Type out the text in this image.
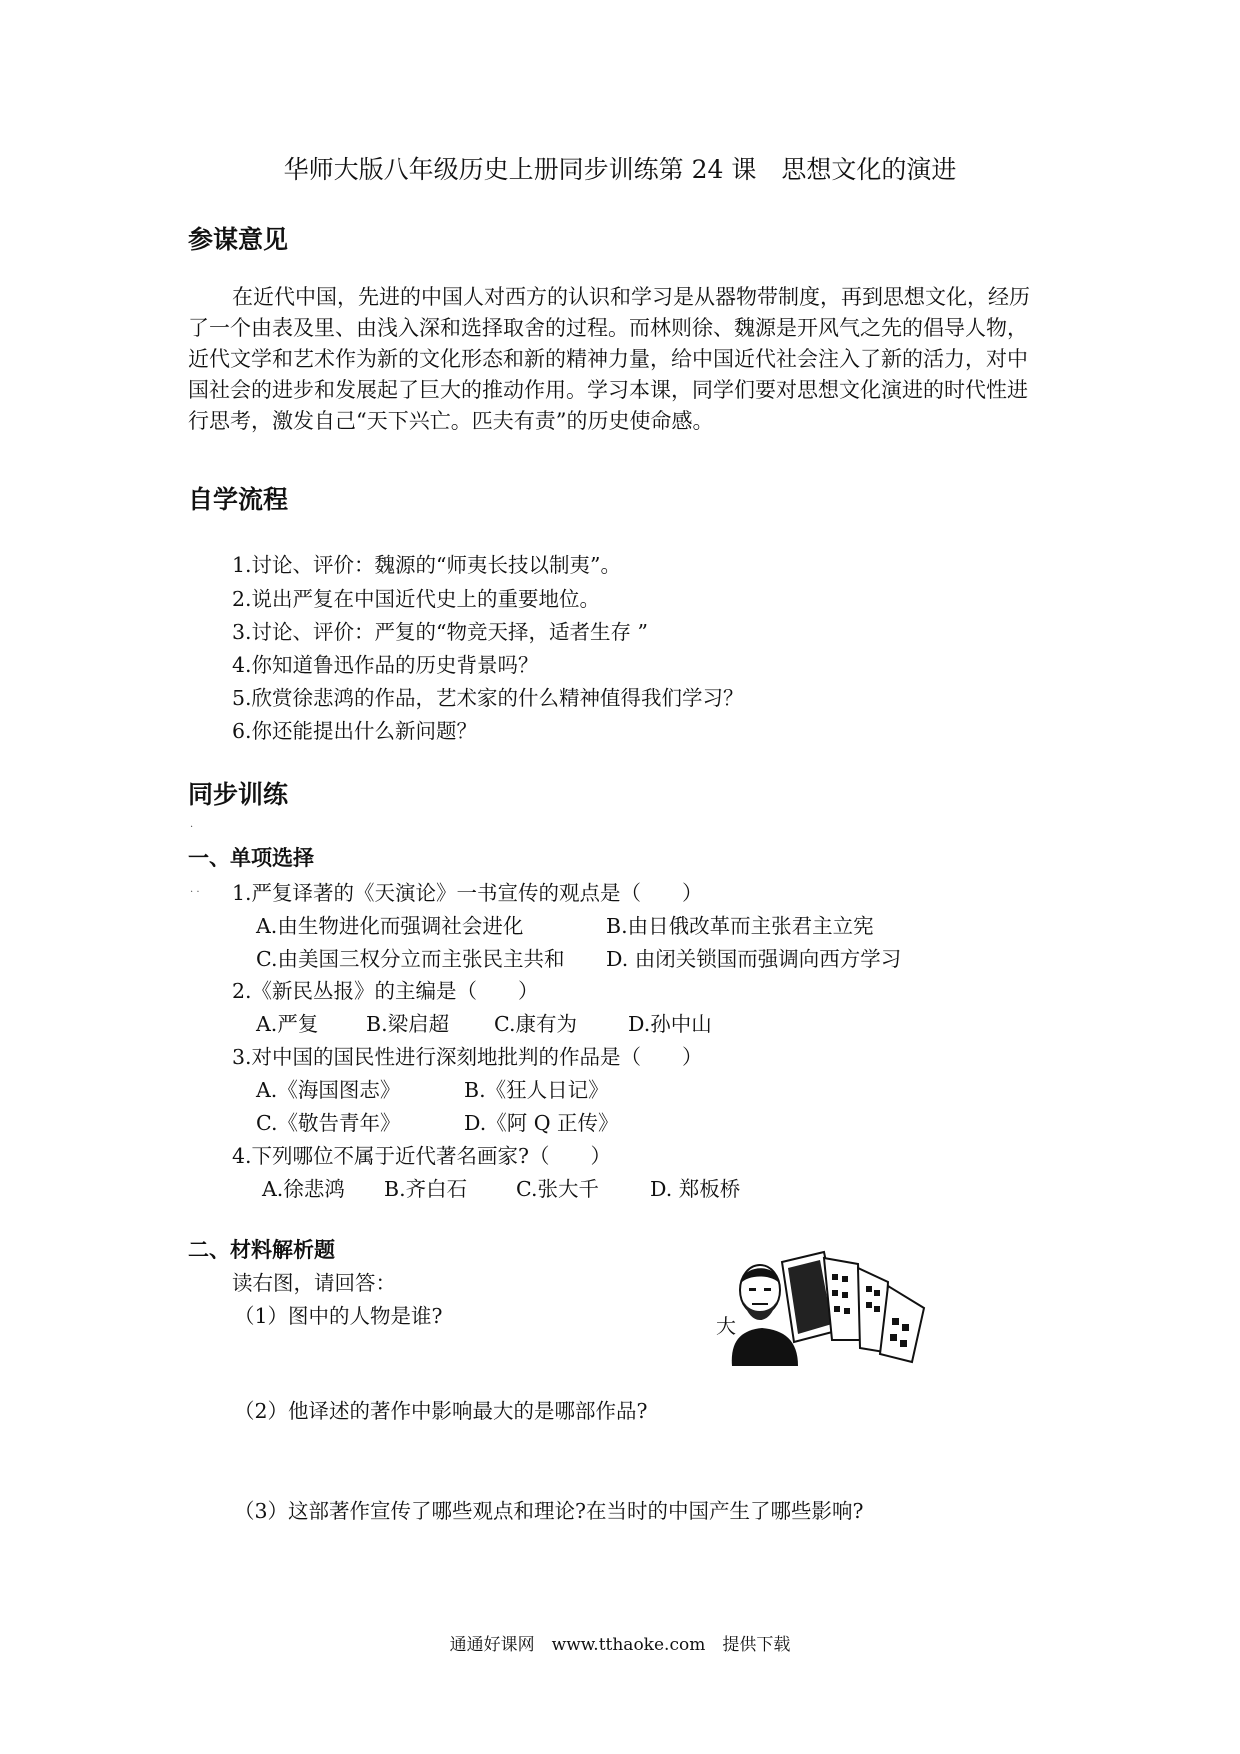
华师大版八年级历史上册同步训练第 24 课　思想文化的演进
参谋意见
在近代中国，先进的中国人对西方的认识和学习是从器物带制度，再到思想文化，经历
了一个由表及里、由浅入深和选择取舍的过程。而林则徐、魏源是开风气之先的倡导人物，
近代文学和艺术作为新的文化形态和新的精神力量，给中国近代社会注入了新的活力，对中
国社会的进步和发展起了巨大的推动作用。学习本课，同学们要对思想文化演进的时代性进
行思考，激发自己“天下兴亡。匹夫有责”的历史使命感。
自学流程
1.讨论、评价：魏源的“师夷长技以制夷”。
2.说出严复在中国近代史上的重要地位。
3.讨论、评价：严复的“物竞天择，适者生存 ”
4.你知道鲁迅作品的历史背景吗？
5.欣赏徐悲鸿的作品，艺术家的什么精神值得我们学习？
6.你还能提出什么新问题？
同步训练
·
一、单项选择
1.严复译著的《天演论》一书宣传的观点是（　　）
. .
A.由生物进化而强调社会进化	B.由日俄改革而主张君主立宪
C.由美国三权分立而主张民主共和 D. 由闭关锁国而强调向西方学习
2.《新民丛报》的主编是（　　）
A.严复 B.梁启超 C.康有为 D.孙中山
3.对中国的国民性进行深刻地批判的作品是（　　）
A.《海国图志》	B.《狂人日记》
C.《敬告青年》	D.《阿 Q 正传》
4.下列哪位不属于近代著名画家?（　　）
A.徐悲鸿 B.齐白石 C.张大千 D. 郑板桥
二、材料解析题
读右图，请回答：
（1）图中的人物是谁?
（2）他译述的著作中影响最大的是哪部作品?
（3）这部著作宣传了哪些观点和理论?在当时的中国产生了哪些影响?
大
通通好课网　www.tthaoke.com　提供下载
